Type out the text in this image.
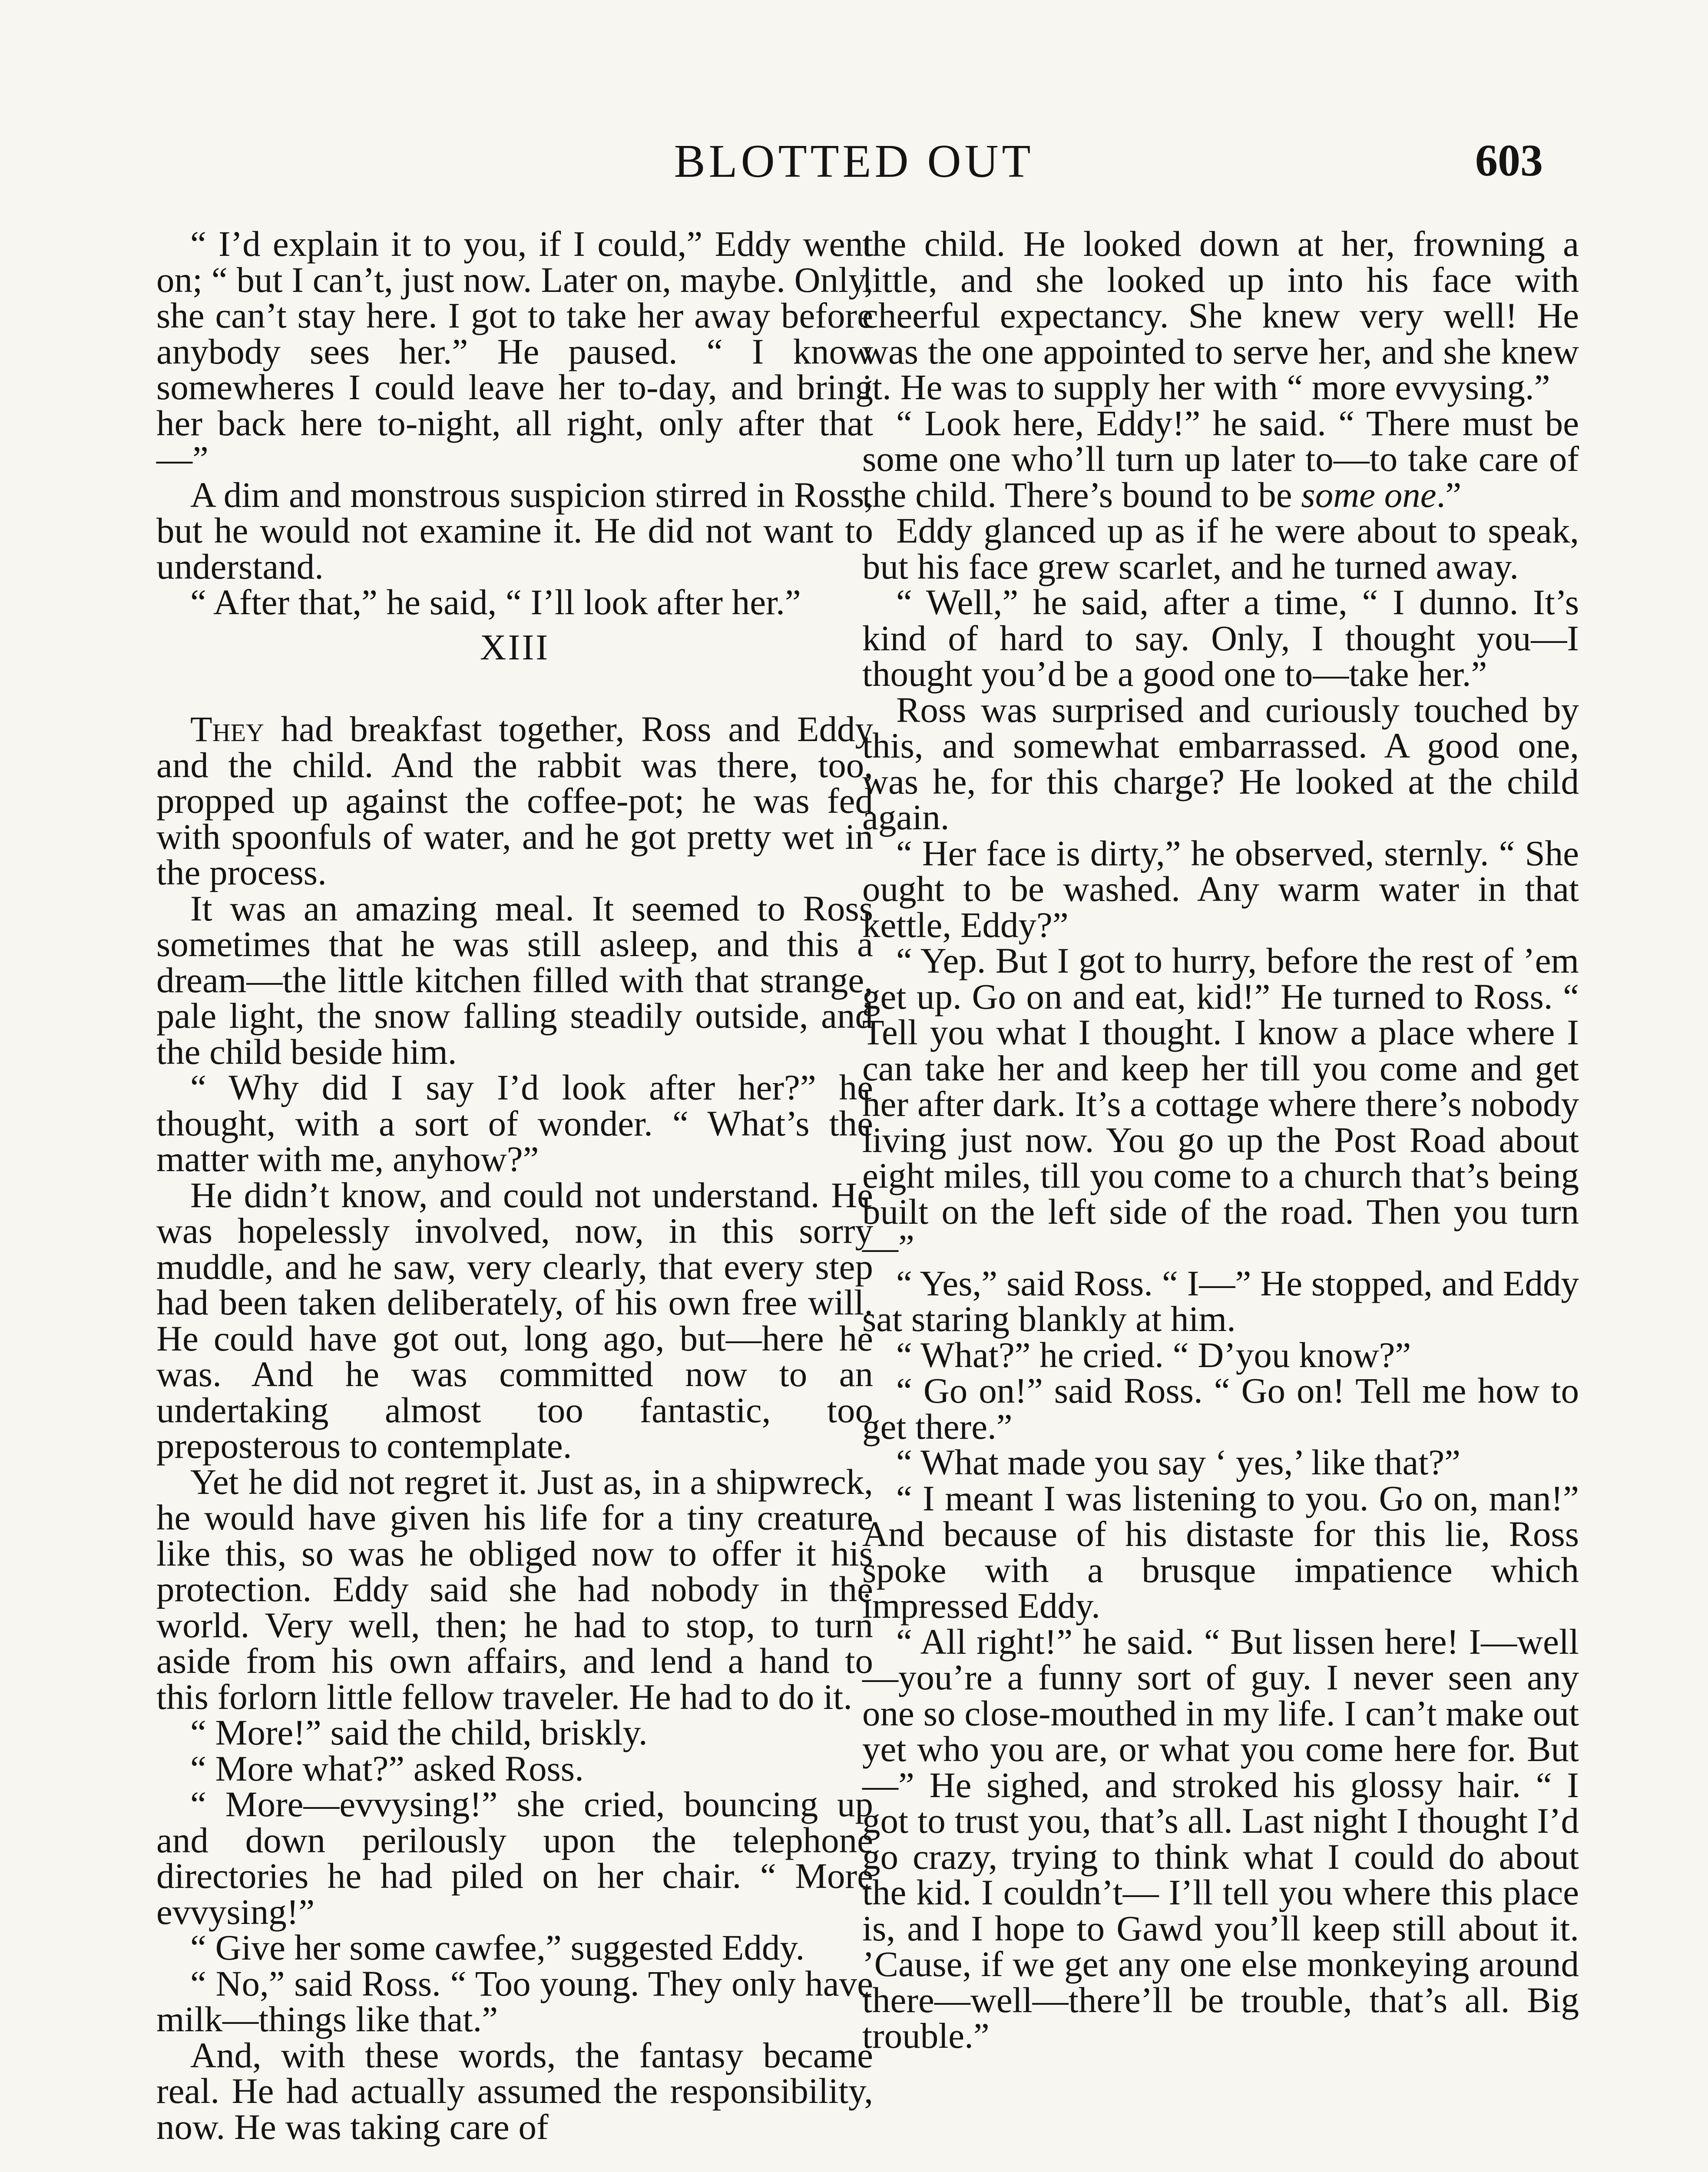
BLOTTED OUT	603

“ I’d explain it to you, if I could,” Eddy went on; “ but I can’t, just now. Later on, maybe. Only, she can’t stay here. I got to take her away before anybody sees her.” He paused. “ I know somewheres I could leave her to-day, and bring her back here to-night, all right, only after that—”

A dim and monstrous suspicion stirred in Ross, but he would not examine it. He did not want to understand.

“ After that,” he said, “ I’ll look after her.”

XIII

They had breakfast together, Ross and Eddy and the child. And the rabbit was there, too, propped up against the coffee-pot; he was fed with spoonfuls of water, and he got pretty wet in the process.

It was an amazing meal. It seemed to Ross sometimes that he was still asleep, and this a dream—the little kitchen filled with that strange, pale light, the snow falling steadily outside, and the child beside him.

“ Why did I say I’d look after her?” he thought, with a sort of wonder. “ What’s the matter with me, anyhow?”

He didn’t know, and could not understand. He was hopelessly involved, now, in this sorry muddle, and he saw, very clearly, that every step had been taken deliberately, of his own free will. He could have got out, long ago, but—here he was. And he was committed now to an undertaking almost too fantastic, too preposterous to contemplate.

Yet he did not regret it. Just as, in a shipwreck, he would have given his life for a tiny creature like this, so was he obliged now to offer it his protection. Eddy said she had nobody in the world. Very well, then; he had to stop, to turn aside from his own affairs, and lend a hand to this forlorn little fellow traveler. He had to do it.

“ More!” said the child, briskly.

“ More what?” asked Ross.

“ More—evvysing!” she cried, bouncing up and down perilously upon the telephone directories he had piled on her chair. “ More evvysing!”

“ Give her some cawfee,” suggested Eddy.

“ No,” said Ross. “ Too young. They only have milk—things like that.”

And, with these words, the fantasy became real. He had actually assumed the responsibility, now. He was taking care of

the child. He looked down at her, frowning a little, and she looked up into his face with cheerful expectancy. She knew very well! He was the one appointed to serve her, and she knew it. He was to supply her with “ more evvysing.”

“ Look here, Eddy!” he said. “ There must be some one who’ll turn up later to—to take care of the child. There’s bound to be some one.”

Eddy glanced up as if he were about to speak, but his face grew scarlet, and he turned away.

“ Well,” he said, after a time, “ I dunno. It’s kind of hard to say. Only, I thought you—I thought you’d be a good one to—take her.”

Ross was surprised and curiously touched by this, and somewhat embarrassed. A good one, was he, for this charge? He looked at the child again.

“ Her face is dirty,” he observed, sternly. “ She ought to be washed. Any warm water in that kettle, Eddy?”

“ Yep. But I got to hurry, before the rest of ’em get up. Go on and eat, kid!” He turned to Ross. “ Tell you what I thought. I know a place where I can take her and keep her till you come and get her after dark. It’s a cottage where there’s nobody living just now. You go up the Post Road about eight miles, till you come to a church that’s being built on the left side of the road. Then you turn—”

“ Yes,” said Ross. “ I—” He stopped, and Eddy sat staring blankly at him.

“ What?” he cried. “ D’you know?”

“ Go on!” said Ross. “ Go on! Tell me how to get there.”

“ What made you say ‘ yes,’ like that?”

“ I meant I was listening to you. Go on, man!” And because of his distaste for this lie, Ross spoke with a brusque impatience which impressed Eddy.

“ All right!” he said. “ But lissen here! I—well—you’re a funny sort of guy. I never seen any one so close-mouthed in my life. I can’t make out yet who you are, or what you come here for. But—” He sighed, and stroked his glossy hair. “ I got to trust you, that’s all. Last night I thought I’d go crazy, trying to think what I could do about the kid. I couldn’t— I’ll tell you where this place is, and I hope to Gawd you’ll keep still about it. ’Cause, if we get any one else monkeying around there—well—there’ll be trouble, that’s all. Big trouble.”
